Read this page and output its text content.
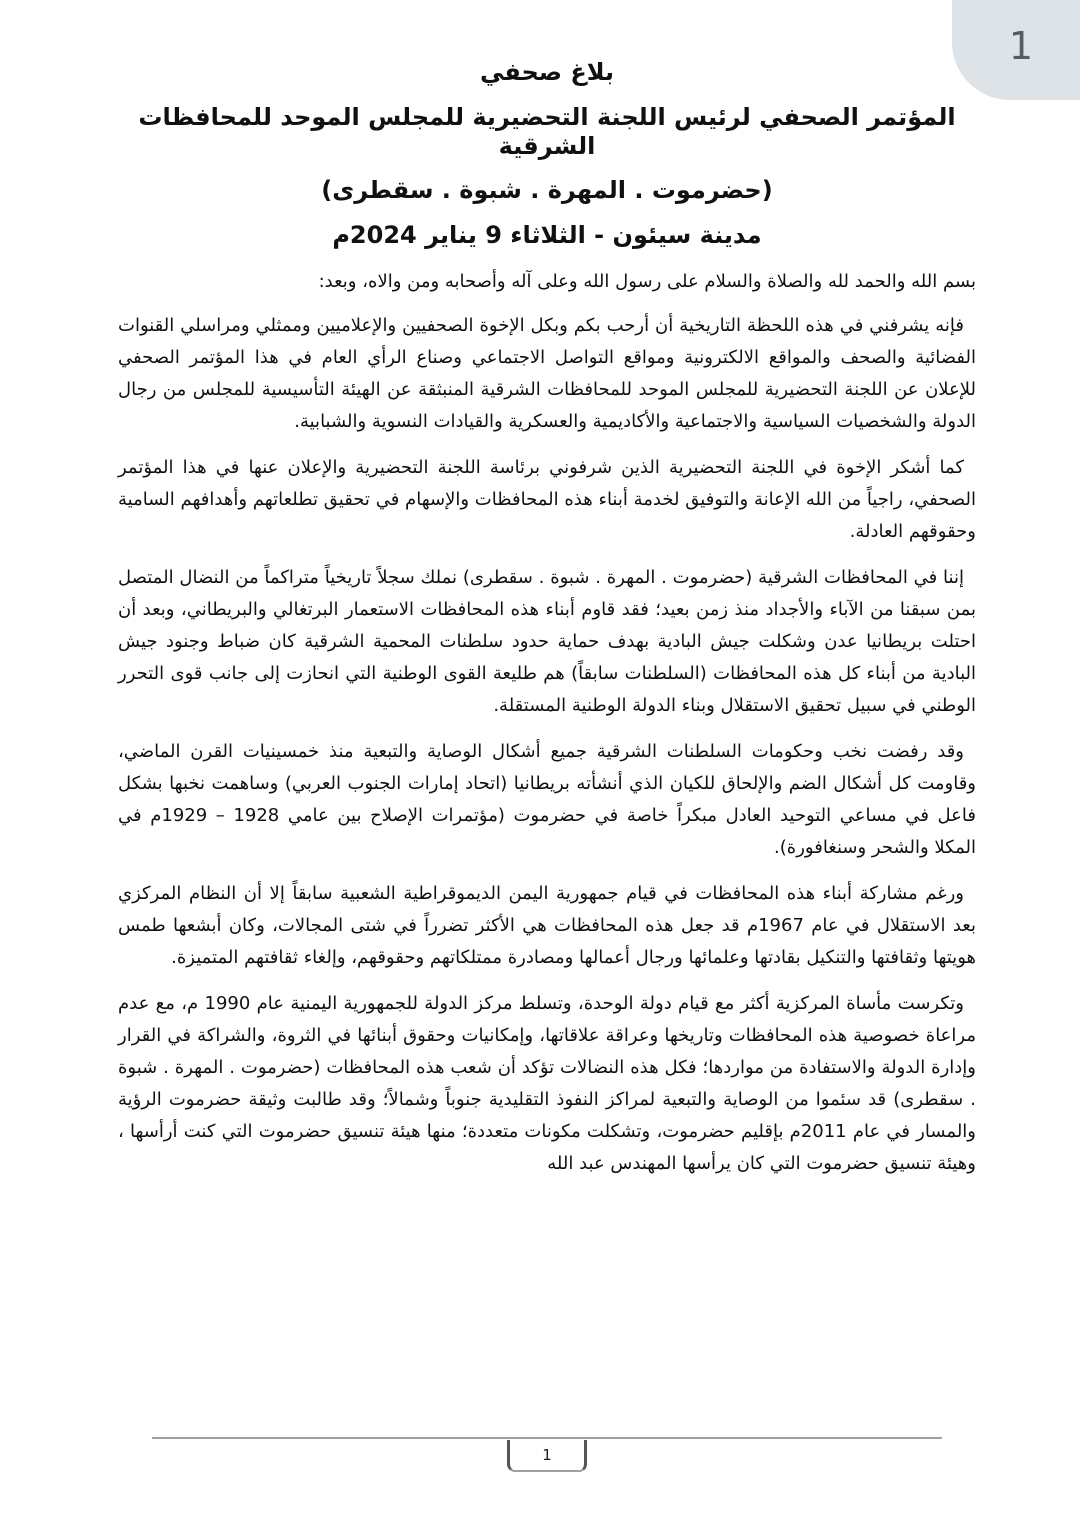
1

بلاغ صحفي

المؤتمر الصحفي لرئيس اللجنة التحضيرية للمجلس الموحد للمحافظات الشرقية

(حضرموت . المهرة . شبوة . سقطرى)

مدينة سيئون - الثلاثاء 9 يناير 2024م

بسم الله والحمد لله والصلاة والسلام على رسول الله وعلى آله وأصحابه ومن والاه، وبعد:

فإنه يشرفني في هذه اللحظة التاريخية أن أرحب بكم وبكل الإخوة الصحفيين والإعلاميين وممثلي ومراسلي القنوات الفضائية والصحف والمواقع الالكترونية ومواقع التواصل الاجتماعي وصناع الرأي العام في هذا المؤتمر الصحفي للإعلان عن اللجنة التحضيرية للمجلس الموحد للمحافظات الشرقية المنبثقة عن الهيئة التأسيسية للمجلس من رجال الدولة والشخصيات السياسية والاجتماعية والأكاديمية والعسكرية والقيادات النسوية والشبابية.

كما أشكر الإخوة في اللجنة التحضيرية الذين شرفوني برئاسة اللجنة التحضيرية والإعلان عنها في هذا المؤتمر الصحفي، راجياً من الله الإعانة والتوفيق لخدمة أبناء هذه المحافظات والإسهام في تحقيق تطلعاتهم وأهدافهم السامية وحقوقهم العادلة.

إننا في المحافظات الشرقية (حضرموت . المهرة . شبوة . سقطرى) نملك سجلاً تاريخياً متراكماً من النضال المتصل بمن سبقنا من الآباء والأجداد منذ زمن بعيد؛ فقد قاوم أبناء هذه المحافظات الاستعمار البرتغالي والبريطاني، وبعد أن احتلت بريطانيا عدن وشكلت جيش البادية بهدف حماية حدود سلطنات المحمية الشرقية كان ضباط وجنود جيش البادية من أبناء كل هذه المحافظات (السلطنات سابقاً) هم طليعة القوى الوطنية التي انحازت إلى جانب قوى التحرر الوطني في سبيل تحقيق الاستقلال وبناء الدولة الوطنية المستقلة.

وقد رفضت نخب وحكومات السلطنات الشرقية جميع أشكال الوصاية والتبعية منذ خمسينيات القرن الماضي، وقاومت كل أشكال الضم والإلحاق للكيان الذي أنشأته بريطانيا (اتحاد إمارات الجنوب العربي) وساهمت نخبها بشكل فاعل في مساعي التوحيد العادل مبكراً خاصة في حضرموت (مؤتمرات الإصلاح بين عامي 1928 – 1929م في المكلا والشحر وسنغافورة).

ورغم مشاركة أبناء هذه المحافظات في قيام جمهورية اليمن الديموقراطية الشعبية سابقاً إلا أن النظام المركزي بعد الاستقلال في عام 1967م قد جعل هذه المحافظات هي الأكثر تضرراً في شتى المجالات، وكان أبشعها طمس هويتها وثقافتها والتنكيل بقادتها وعلمائها ورجال أعمالها ومصادرة ممتلكاتهم وحقوقهم، وإلغاء ثقافتهم المتميزة.

وتكرست مأساة المركزية أكثر مع قيام دولة الوحدة، وتسلط مركز الدولة للجمهورية اليمنية عام 1990 م، مع عدم مراعاة خصوصية هذه المحافظات وتاريخها وعراقة علاقاتها، وإمكانيات وحقوق أبنائها في الثروة، والشراكة في القرار وإدارة الدولة والاستفادة من مواردها؛ فكل هذه النضالات تؤكد أن شعب هذه المحافظات (حضرموت . المهرة . شبوة . سقطرى) قد سئموا من الوصاية والتبعية لمراكز النفوذ التقليدية جنوباً وشمالاً؛ وقد طالبت وثيقة حضرموت الرؤية والمسار في عام 2011م بإقليم حضرموت، وتشكلت مكونات متعددة؛ منها هيئة تنسيق حضرموت التي كنت أرأسها ، وهيئة تنسيق حضرموت التي كان يرأسها المهندس عبد الله

1
